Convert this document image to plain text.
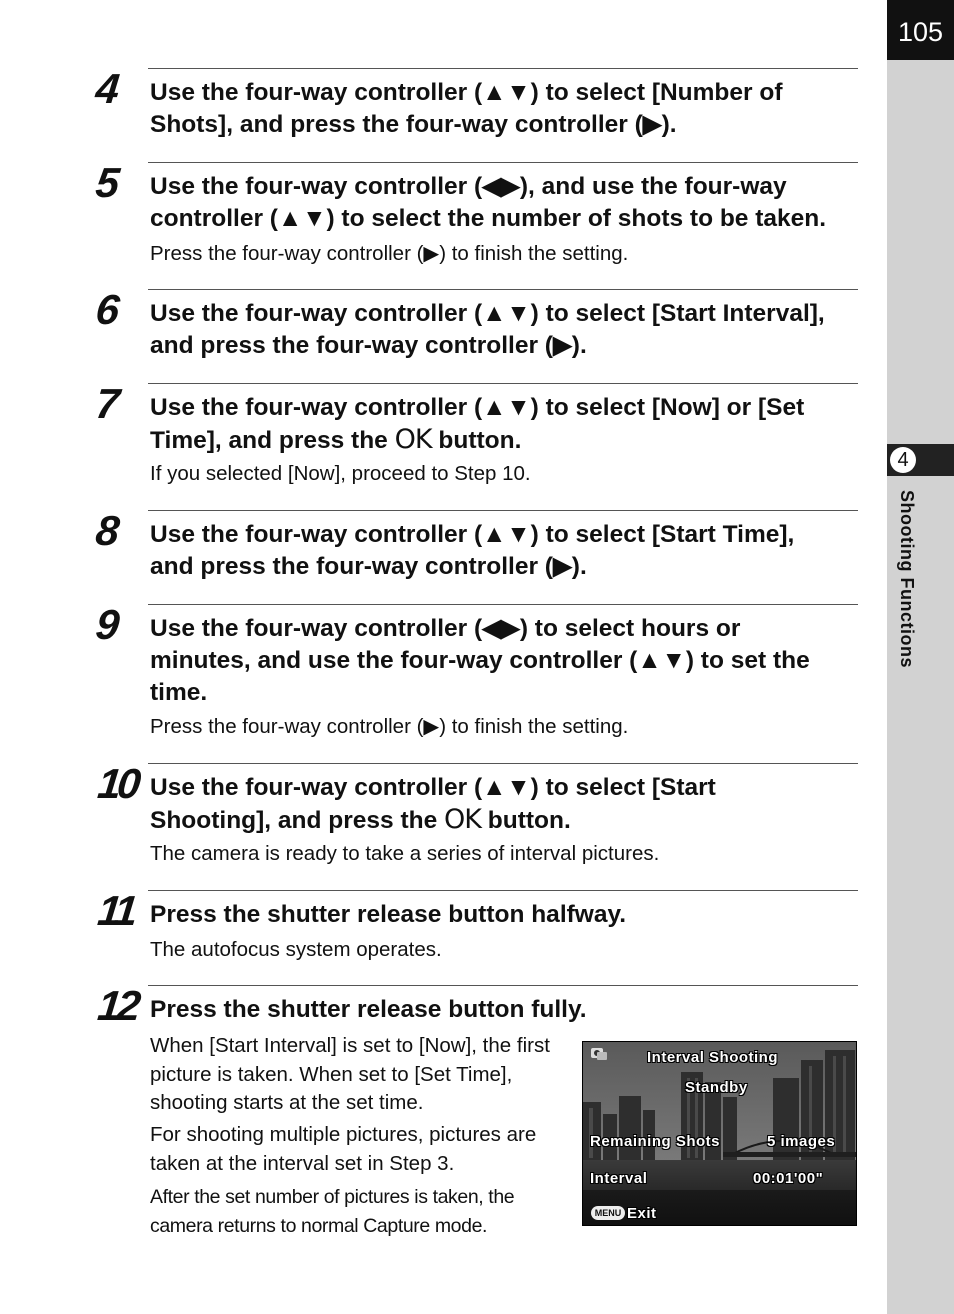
105
4
Shooting Functions
4 Use the four-way controller (▲▼) to select [Number of
Shots], and press the four-way controller (▶).
5 Use the four-way controller (◀▶), and use the four-way
controller (▲▼) to select the number of shots to be taken.
Press the four-way controller (▶) to finish the setting.
6 Use the four-way controller (▲▼) to select [Start Interval],
and press the four-way controller (▶).
7 Use the four-way controller (▲▼) to select [Now] or [Set
Time], and press the OK button.
If you selected [Now], proceed to Step 10.
8 Use the four-way controller (▲▼) to select [Start Time],
and press the four-way controller (▶).
9 Use the four-way controller (◀▶) to select hours or
minutes, and use the four-way controller (▲▼) to set the
time.
Press the four-way controller (▶) to finish the setting.
10 Use the four-way controller (▲▼) to select [Start
Shooting], and press the OK button.
The camera is ready to take a series of interval pictures.
11 Press the shutter release button halfway.
The autofocus system operates.
12 Press the shutter release button fully.
When [Start Interval] is set to [Now], the first picture is taken. When set to [Set Time], shooting starts at the set time.
For shooting multiple pictures, pictures are taken at the interval set in Step 3.
After the set number of pictures is taken, the camera returns to normal Capture mode.
Interval Shooting
Standby
Remaining Shots	5 images
Interval	00:01'00"
MENU Exit
